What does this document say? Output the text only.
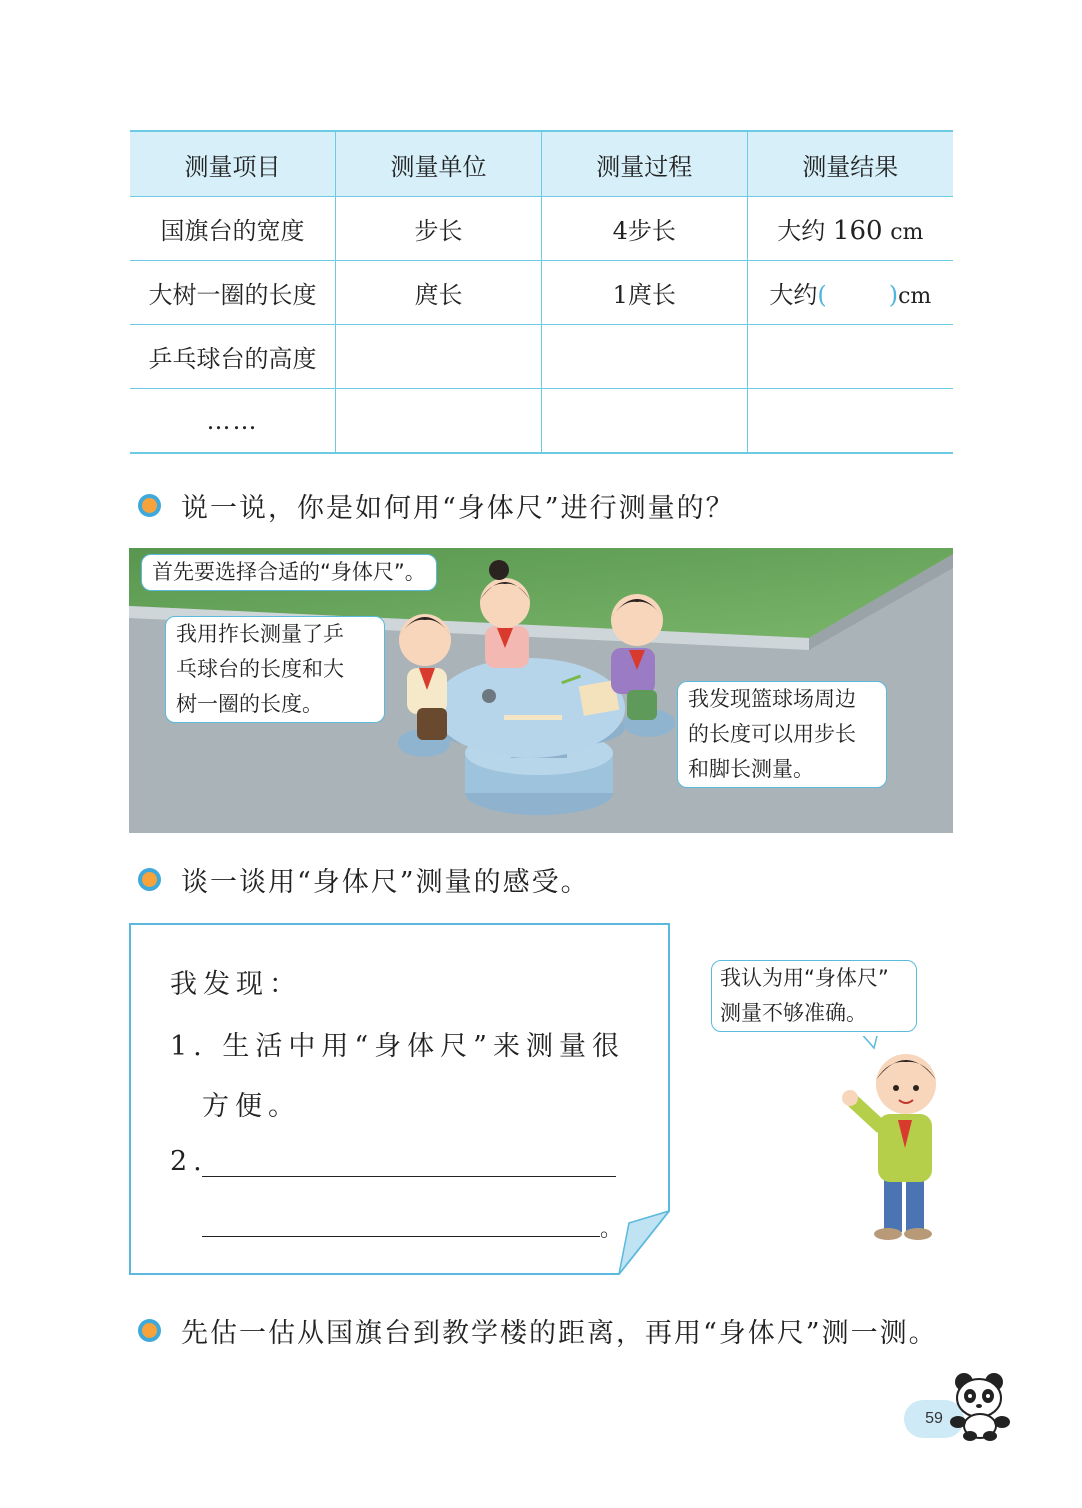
测量项目	测量单位	测量过程	测量结果
国旗台的宽度	步长	4步长	大约 160 cm
大树一圈的长度	庹长	1庹长	大约( )cm
乒乓球台的高度			
……			
说一说，你是如何用“身体尺”进行测量的？
首先要选择合适的“身体尺”。
我用拃长测量了乒
乓球台的长度和大
树一圈的长度。	我发现篮球场周边
的长度可以用步长
和脚长测量。
谈一谈用“身体尺”测量的感受。
我发现：
1. 生活中用“身体尺”来测量很
方便。
2.
。
我认为用“身体尺”
测量不够准确。
先估一估从国旗台到教学楼的距离，再用“身体尺”测一测。
59
